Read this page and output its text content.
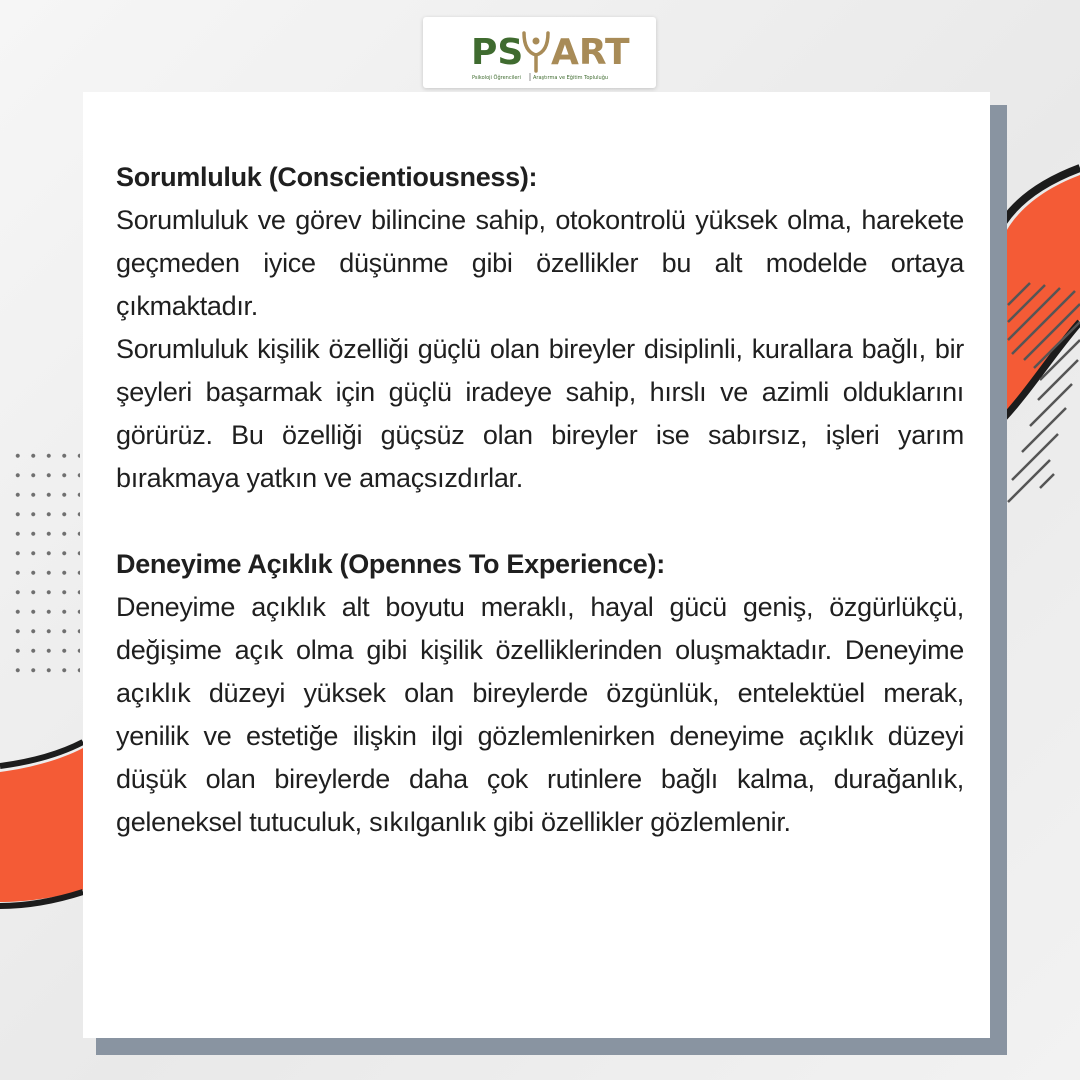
PS ART
Psikoloji Öğrencileri Araştırma ve Eğitim Topluluğu

Sorumluluk (Conscientiousness):

Sorumluluk ve görev bilincine sahip, otokontrolü yüksek olma, harekete geçmeden iyice düşünme gibi özellikler bu alt modelde ortaya çıkmaktadır.

Sorumluluk kişilik özelliği güçlü olan bireyler disiplinli, kurallara bağlı, bir şeyleri başarmak için güçlü iradeye sahip, hırslı ve azimli olduklarını görürüz. Bu özelliği güçsüz olan bireyler ise sabırsız, işleri yarım bırakmaya yatkın ve amaçsızdırlar.

Deneyime Açıklık (Opennes To Experience):

Deneyime açıklık alt boyutu meraklı, hayal gücü geniş, özgürlükçü, değişime açık olma gibi kişilik özelliklerinden oluşmaktadır. Deneyime açıklık düzeyi yüksek olan bireylerde özgünlük, entelektüel merak, yenilik ve estetiğe ilişkin ilgi gözlemlenirken deneyime açıklık düzeyi düşük olan bireylerde daha çok rutinlere bağlı kalma, durağanlık, geleneksel tutuculuk, sıkılganlık gibi özellikler gözlemlenir.
